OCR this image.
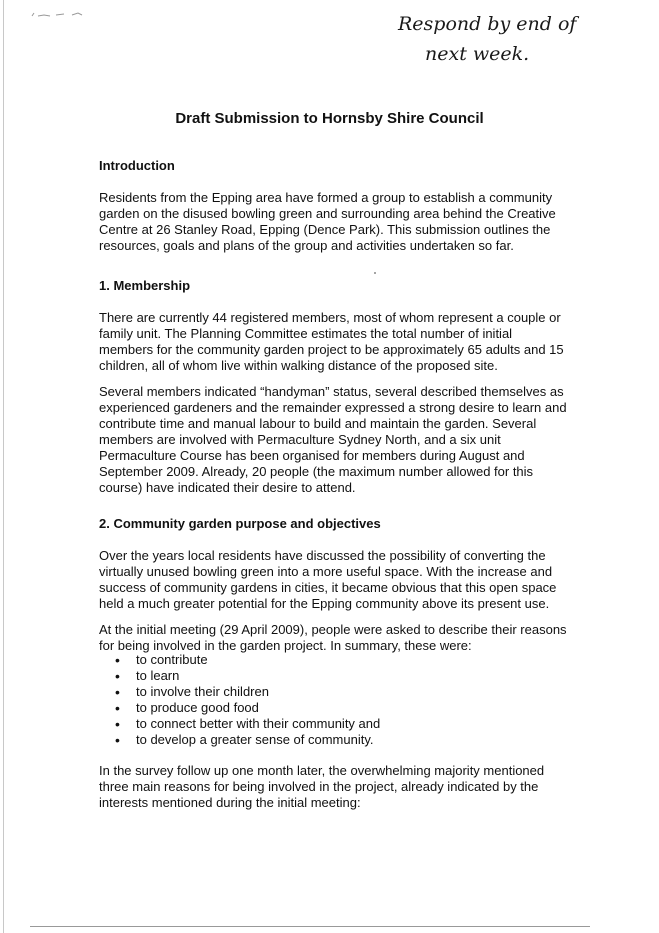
Respond by end of
next week.
Draft Submission to Hornsby Shire Council
Introduction

Residents from the Epping area have formed a group to establish a community garden on the disused bowling green and surrounding area behind the Creative Centre at 26 Stanley Road, Epping (Dence Park). This submission outlines the resources, goals and plans of the group and activities undertaken so far.

1. Membership

There are currently 44 registered members, most of whom represent a couple or family unit. The Planning Committee estimates the total number of initial members for the community garden project to be approximately 65 adults and 15 children, all of whom live within walking distance of the proposed site.

Several members indicated “handyman” status, several described themselves as experienced gardeners and the remainder expressed a strong desire to learn and contribute time and manual labour to build and maintain the garden. Several members are involved with Permaculture Sydney North, and a six unit Permaculture Course has been organised for members during August and September 2009. Already, 20 people (the maximum number allowed for this course) have indicated their desire to attend.

2. Community garden purpose and objectives

Over the years local residents have discussed the possibility of converting the virtually unused bowling green into a more useful space. With the increase and success of community gardens in cities, it became obvious that this open space held a much greater potential for the Epping community above its present use.

At the initial meeting (29 April 2009), people were asked to describe their reasons for being involved in the garden project. In summary, these were:

• to contribute
• to learn
• to involve their children
• to produce good food
• to connect better with their community and
• to develop a greater sense of community.

In the survey follow up one month later, the overwhelming majority mentioned three main reasons for being involved in the project, already indicated by the interests mentioned during the initial meeting:
